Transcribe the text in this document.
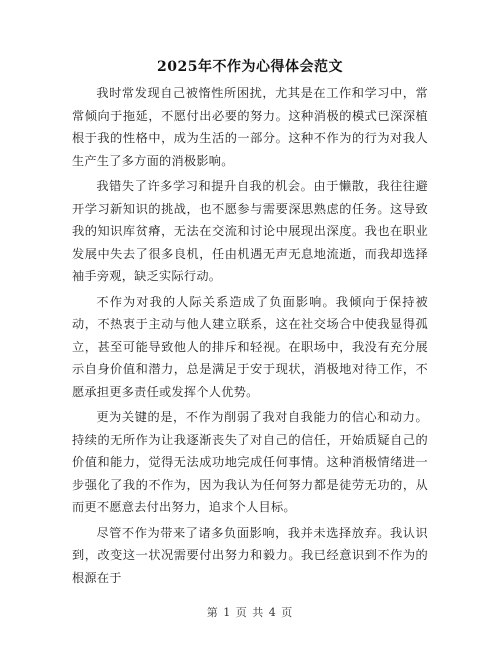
2025年不作为心得体会范文

我时常发现自己被惰性所困扰，尤其是在工作和学习中，常常倾向于拖延，不愿付出必要的努力。这种消极的模式已深深植根于我的性格中，成为生活的一部分。这种不作为的行为对我人生产生了多方面的消极影响。

我错失了许多学习和提升自我的机会。由于懒散，我往往避开学习新知识的挑战，也不愿参与需要深思熟虑的任务。这导致我的知识库贫瘠，无法在交流和讨论中展现出深度。我也在职业发展中失去了很多良机，任由机遇无声无息地流逝，而我却选择袖手旁观，缺乏实际行动。

不作为对我的人际关系造成了负面影响。我倾向于保持被动，不热衷于主动与他人建立联系，这在社交场合中使我显得孤立，甚至可能导致他人的排斥和轻视。在职场中，我没有充分展示自身价值和潜力，总是满足于安于现状，消极地对待工作，不愿承担更多责任或发挥个人优势。

更为关键的是，不作为削弱了我对自我能力的信心和动力。持续的无所作为让我逐渐丧失了对自己的信任，开始质疑自己的价值和能力，觉得无法成功地完成任何事情。这种消极情绪进一步强化了我的不作为，因为我认为任何努力都是徒劳无功的，从而更不愿意去付出努力，追求个人目标。

尽管不作为带来了诸多负面影响，我并未选择放弃。我认识到，改变这一状况需要付出努力和毅力。我已经意识到不作为的根源在于

第 1 页 共 4 页
